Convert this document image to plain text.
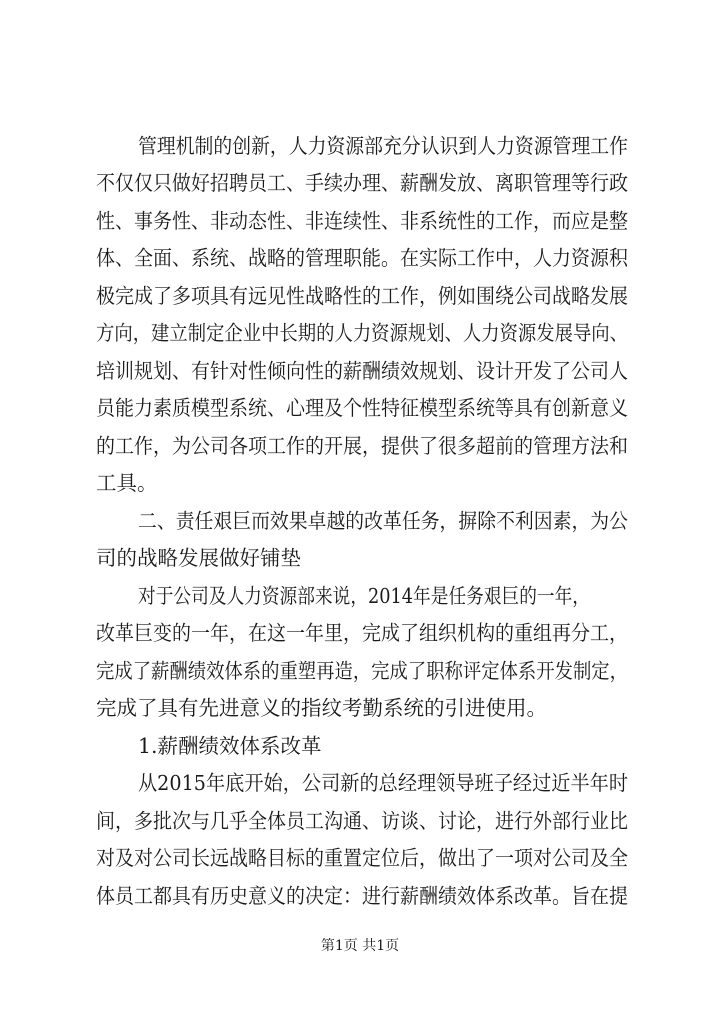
管理机制的创新，人力资源部充分认识到人力资源管理工作
不仅仅只做好招聘员工、手续办理、薪酬发放、离职管理等行政
性、事务性、非动态性、非连续性、非系统性的工作，而应是整
体、全面、系统、战略的管理职能。在实际工作中，人力资源积
极完成了多项具有远见性战略性的工作，例如围绕公司战略发展
方向，建立制定企业中长期的人力资源规划、人力资源发展导向、
培训规划、有针对性倾向性的薪酬绩效规划、设计开发了公司人
员能力素质模型系统、心理及个性特征模型系统等具有创新意义
的工作，为公司各项工作的开展，提供了很多超前的管理方法和
工具。
二、责任艰巨而效果卓越的改革任务，摒除不利因素，为公
司的战略发展做好铺垫
对于公司及人力资源部来说，2014年是任务艰巨的一年，
改革巨变的一年，在这一年里，完成了组织机构的重组再分工，
完成了薪酬绩效体系的重塑再造，完成了职称评定体系开发制定，
完成了具有先进意义的指纹考勤系统的引进使用。
1.薪酬绩效体系改革
从2015年底开始，公司新的总经理领导班子经过近半年时
间，多批次与几乎全体员工沟通、访谈、讨论，进行外部行业比
对及对公司长远战略目标的重置定位后，做出了一项对公司及全
体员工都具有历史意义的决定：进行薪酬绩效体系改革。旨在提
第1页 共1页
